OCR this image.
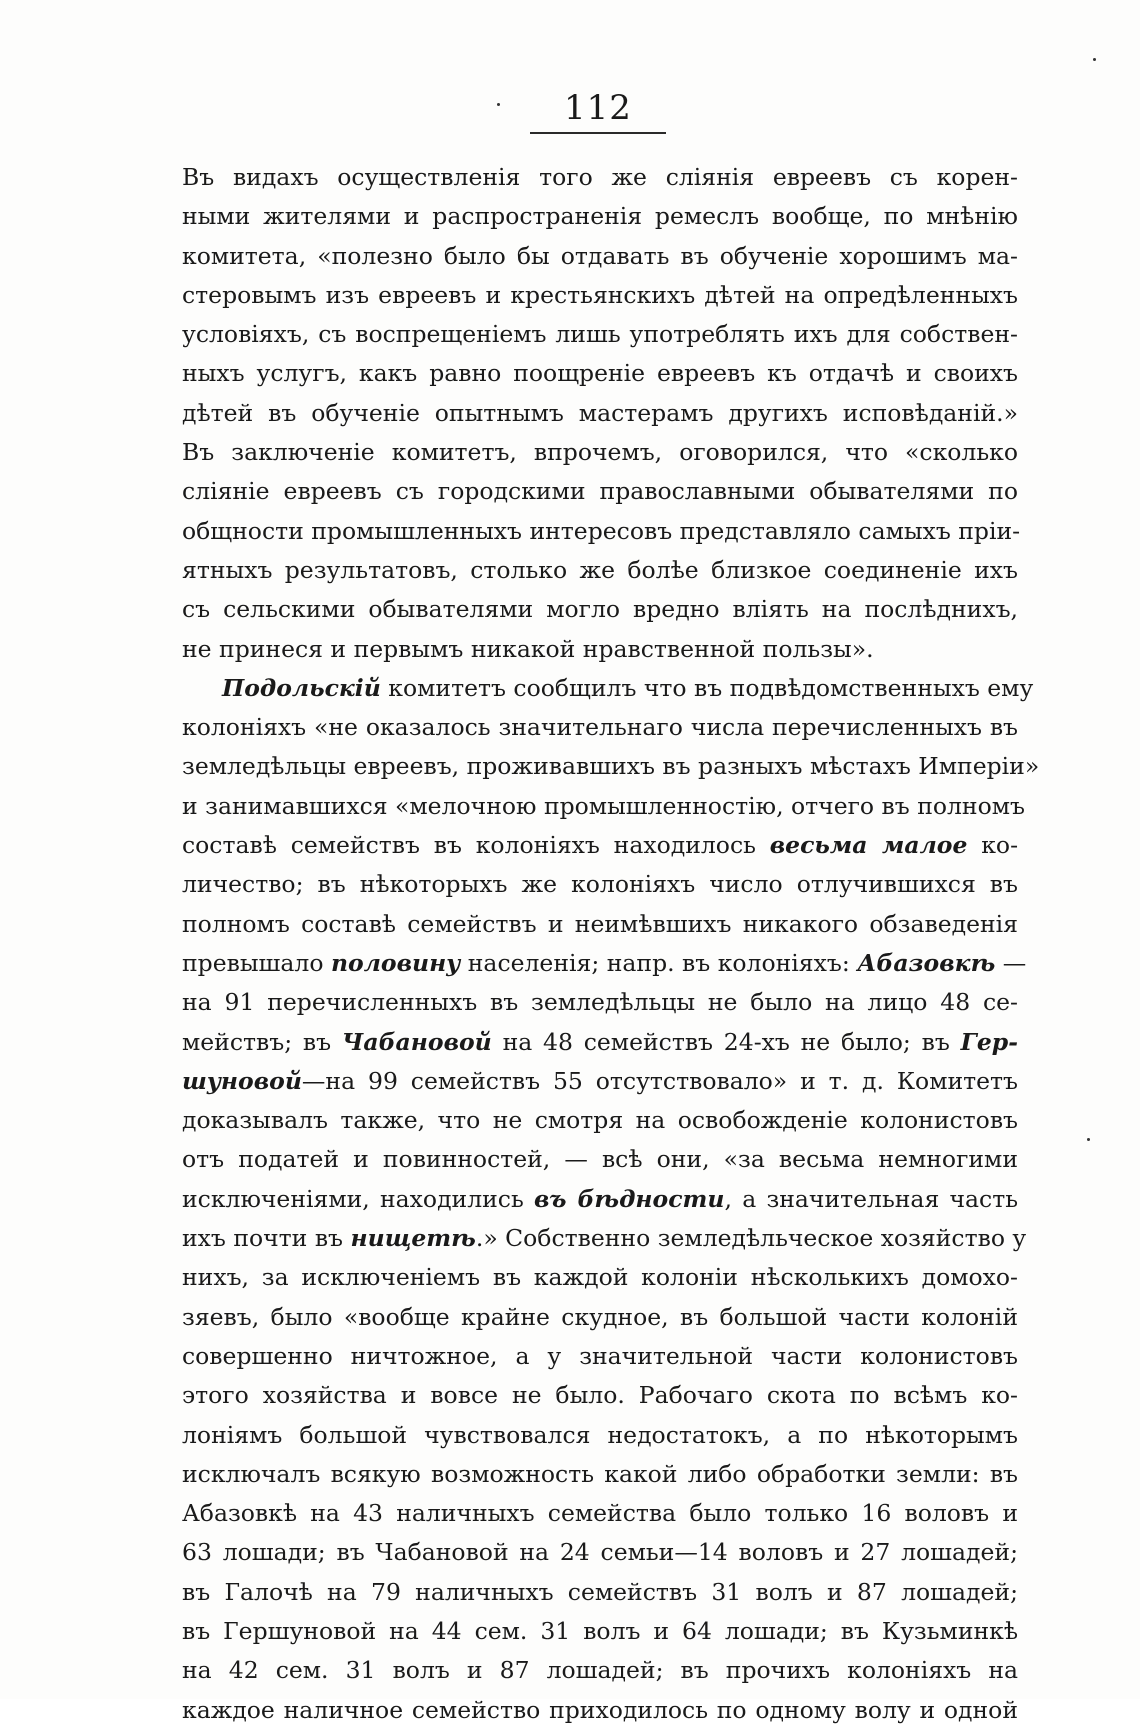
112
Въ видахъ осуществленія того же сліянія евреевъ съ корен-
ными жителями и распространенія ремеслъ вообще, по мнѣнію
комитета, «полезно было бы отдавать въ обученіе хорошимъ ма-
стеровымъ изъ евреевъ и крестьянскихъ дѣтей на опредѣленныхъ
условіяхъ, съ воспрещеніемъ лишь употреблять ихъ для собствен-
ныхъ услугъ, какъ равно поощреніе евреевъ къ отдачѣ и своихъ
дѣтей въ обученіе опытнымъ мастерамъ другихъ исповѣданій.»
Въ заключеніе комитетъ, впрочемъ, оговорился, что «сколько
сліяніе евреевъ съ городскими православными обывателями по
общности промышленныхъ интересовъ представляло самыхъ пріи-
ятныхъ результатовъ, столько же болѣе близкое соединеніе ихъ
съ сельскими обывателями могло вредно вліять на послѣднихъ,
не принеся и первымъ никакой нравственной пользы».
Подольскій комитетъ сообщилъ что въ подвѣдомственныхъ ему
колоніяхъ «не оказалось значительнаго числа перечисленныхъ въ
земледѣльцы евреевъ, проживавшихъ въ разныхъ мѣстахъ Имперіи»
и занимавшихся «мелочною промышленностію, отчего въ полномъ
составѣ семействъ въ колоніяхъ находилось весьма малое ко-
личество; въ нѣкоторыхъ же колоніяхъ число отлучившихся въ
полномъ составѣ семействъ и неимѣвшихъ никакого обзаведенія
превышало половину населенія; напр. въ колоніяхъ: Абазовкѣ —
на 91 перечисленныхъ въ земледѣльцы не было на лицо 48 се-
мействъ; въ Чабановой на 48 семействъ 24-хъ не было; въ Гер-
шуновой—на 99 семействъ 55 отсутствовало» и т. д. Комитетъ
доказывалъ также, что не смотря на освобожденіе колонистовъ
отъ податей и повинностей, — всѣ они, «за весьма немногими
исключеніями, находились въ бѣдности, а значительная часть
ихъ почти въ нищетѣ.» Собственно земледѣльческое хозяйство у
нихъ, за исключеніемъ въ каждой колоніи нѣсколькихъ домохо-
зяевъ, было «вообще крайне скудное, въ большой части колоній
совершенно ничтожное, а у значительной части колонистовъ
этого хозяйства и вовсе не было. Рабочаго скота по всѣмъ ко-
лоніямъ большой чувствовался недостатокъ, а по нѣкоторымъ
исключалъ всякую возможность какой либо обработки земли: въ
Абазовкѣ на 43 наличныхъ семейства было только 16 воловъ и
63 лошади; въ Чабановой на 24 семьи—14 воловъ и 27 лошадей;
въ Галочѣ на 79 наличныхъ семействъ 31 волъ и 87 лошадей;
въ Гершуновой на 44 сем. 31 волъ и 64 лошади; въ Кузьминкѣ
на 42 сем. 31 волъ и 87 лошадей; въ прочихъ колоніяхъ на
каждое наличное семейство приходилось по одному волу и одной
